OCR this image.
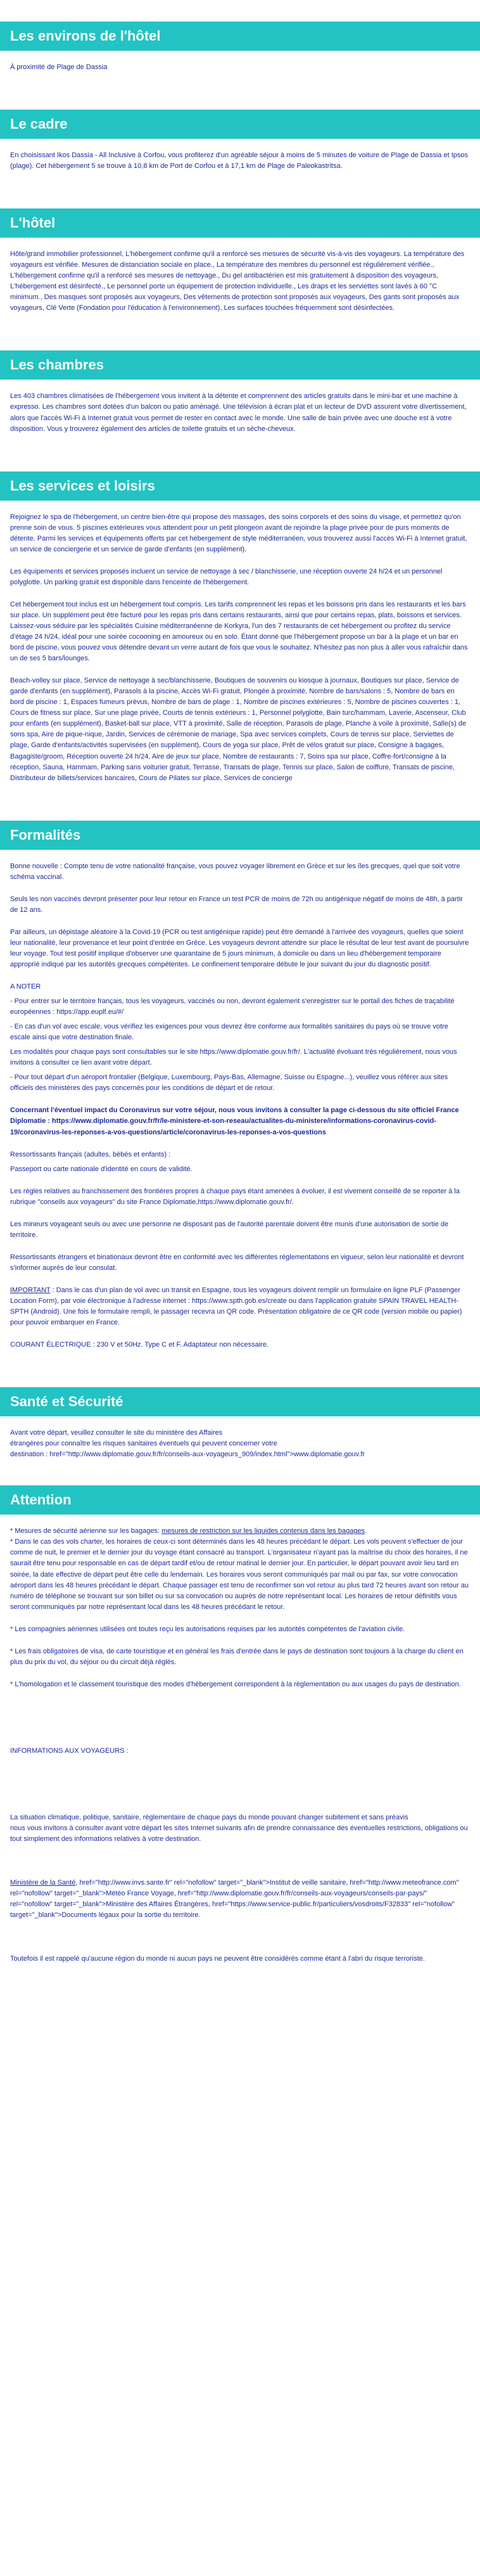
Les environs de l'hôtel

À proximité de Plage de Dassia

Le cadre

En choisissant Ikos Dassia - All Inclusive à Corfou, vous profiterez d'un agréable séjour à moins de 5 minutes de voiture de Plage de Dassia et Ipsos (plage). Cet hébergement 5 se trouve à 10,8 km de Port de Corfou et à 17,1 km de Plage de Paleokastritsa.

L'hôtel

Hôte/grand immobilier professionnel, L'hébergement confirme qu'il a renforcé ses mesures de sécurité vis-à-vis des voyageurs. La température des voyageurs est vérifiée. Mesures de distanciation sociale en place., La température des membres du personnel est régulièrement vérifiée., L'hébergement confirme qu'il a renforcé ses mesures de nettoyage., Du gel antibactérien est mis gratuitement à disposition des voyageurs, L'hébergement est désinfecté., Le personnel porte un équipement de protection individuelle., Les draps et les serviettes sont lavés à 60 °C minimum., Des masques sont proposés aux voyageurs, Des vêtements de protection sont proposés aux voyageurs, Des gants sont proposés aux voyageurs, Clé Verte (Fondation pour l'éducation à l'environnement), Les surfaces touchées fréquemment sont désinfectées.

Les chambres

Les 403 chambres climatisées de l'hébergement vous invitent à la détente et comprennent des articles gratuits dans le mini-bar et une machine à expresso. Les chambres sont dotées d'un balcon ou patio aménagé. Une télévision à écran plat et un lecteur de DVD assurent votre divertissement, alors que l'accès Wi-Fi à Internet gratuit vous permet de rester en contact avec le monde. Une salle de bain privée avec une douche est à votre disposition. Vous y trouverez également des articles de toilette gratuits et un sèche-cheveux.

Les services et loisirs

Rejoignez le spa de l'hébergement, un centre bien-être qui propose des massages, des soins corporels et des soins du visage, et permettez qu'on prenne soin de vous. 5 piscines extérieures vous attendent pour un petit plongeon avant de rejoindre la plage privée pour de purs moments de détente. Parmi les services et équipements offerts par cet hébergement de style méditerranéen, vous trouverez aussi l'accès Wi-Fi à Internet gratuit, un service de conciergerie et un service de garde d'enfants (en supplément).

Les équipements et services proposés incluent un service de nettoyage à sec / blanchisserie, une réception ouverte 24 h/24 et un personnel polyglotte. Un parking gratuit est disponible dans l'enceinte de l'hébergement.

Cet hébergement tout inclus est un hébergement tout compris. Les tarifs comprennent les repas et les boissons pris dans les restaurants et les bars sur place. Un supplément peut être facturé pour les repas pris dans certains restaurants, ainsi que pour certains repas, plats, boissons et services. Laissez-vous séduire par les spécialités Cuisine méditerranéenne de Korkyra, l'un des 7 restaurants de cet hébergement ou profitez du service d'étage 24 h/24, idéal pour une soirée cocooning en amoureux ou en solo. Étant donné que l'hébergement propose un bar à la plage et un bar en bord de piscine, vous pouvez vous détendre devant un verre autant de fois que vous le souhaitez. N'hésitez pas non plus à aller vous rafraîchir dans un de ses 5 bars/lounges.

Beach-volley sur place, Service de nettoyage à sec/blanchisserie, Boutiques de souvenirs ou kiosque à journaux, Boutiques sur place, Service de garde d'enfants (en supplément), Parasols à la piscine, Accès Wi-Fi gratuit, Plongée à proximité, Nombre de bars/salons : 5, Nombre de bars en bord de piscine : 1, Espaces fumeurs prévus, Nombre de bars de plage : 1, Nombre de piscines extérieures : 5, Nombre de piscines couvertes : 1, Cours de fitness sur place, Sur une plage privée, Courts de tennis extérieurs : 1, Personnel polyglotte, Bain turc/hammam, Laverie, Ascenseur, Club pour enfants (en supplément), Basket-ball sur place, VTT à proximité, Salle de réception, Parasols de plage, Planche à voile à proximité, Salle(s) de sons spa, Aire de pique-nique, Jardin, Services de cérémonie de mariage, Spa avec services complets, Cours de tennis sur place, Serviettes de plage, Garde d'enfants/activités supervisées (en supplément), Cours de yoga sur place, Prêt de vélos gratuit sur place, Consigne à bagages, Bagagiste/groom, Réception ouverte 24 h/24, Aire de jeux sur place, Nombre de restaurants : 7, Soins spa sur place, Coffre-fort/consigne à la réception, Sauna, Hammam, Parking sans voiturier gratuit, Terrasse, Transats de plage, Tennis sur place, Salon de coiffure, Transats de piscine, Distributeur de billets/services bancaires, Cours de Pilates sur place, Services de concierge

Formalités

Bonne nouvelle : Compte tenu de votre nationalité française, vous pouvez voyager librement en Grèce et sur les îles grecques, quel que soit votre schéma vaccinal.

Seuls les non vaccinés devront présenter pour leur retour en France un test PCR de moins de 72h ou antigénique négatif de moins de 48h, à partir de 12 ans.

Par ailleurs, un dépistage aléatoire à la Covid-19 (PCR ou test antigénique rapide) peut être demandé à l'arrivée des voyageurs, quelles que soient leur nationalité, leur provenance et leur point d'entrée en Grèce. Les voyageurs devront attendre sur place le résultat de leur test avant de poursuivre leur voyage. Tout test positif implique d'observer une quarantaine de 5 jours minimum, à domicile ou dans un lieu d'hébergement temporaire approprié indiqué par les autorités grecques compétentes. Le confinement temporaire débute le jour suivant du jour du diagnostic positif.

A NOTER
- Pour entrer sur le territoire français, tous les voyageurs, vaccinés ou non, devront également s'enregistrer sur le portail des fiches de traçabilité européennes : https://app.euplf.eu/#/
- En cas d'un vol avec escale, vous vérifiez les exigences pour vous devrez être conforme aux formalités sanitaires du pays où se trouve votre escale ainsi que votre destination finale.
Les modalités pour chaque pays sont consultables sur le site https://www.diplomatie.gouv.fr/fr/. L'actualité évoluant très régulièrement, nous vous invitons à consulter ce lien avant votre départ.

- Pour tout départ d'un aéroport frontalier (Belgique, Luxembourg, Pays-Bas, Allemagne, Suisse ou Espagne...), veuillez vous référer aux sites officiels des ministères des pays concernés pour les conditions de départ et de retour.

Concernant l'éventuel impact du Coronavirus sur votre séjour, nous vous invitons à consulter la page ci-dessous du site officiel France Diplomatie : https://www.diplomatie.gouv.fr/fr/le-ministere-et-son-reseau/actualites-du-ministere/informations-coronavirus-covid-19/coronavirus-les-reponses-a-vos-questions/article/coronavirus-les-reponses-a-vos-questions

Ressortissants français (adultes, bébés et enfants) :

Passeport ou carte nationale d'identité en cours de validité.

Les règles relatives au franchissement des frontières propres à chaque pays étant amenées à évoluer, il est vivement conseillé de se reporter à la rubrique "conseils aux voyageurs" du site France Diplomatie,https://www.diplomatie.gouv.fr/.

Les mineurs voyageant seuls ou avec une personne ne disposant pas de l'autorité parentale doivent être munis d'une autorisation de sortie de territoire.

Ressortissants étrangers et binationaux devront être en conformité avec les différentes réglementations en vigueur, selon leur nationalité et devront s'informer auprès de leur consulat.

IMPORTANT : Dans le cas d'un plan de vol avec un transit en Espagne, tous les voyageurs doivent remplir un formulaire en ligne PLF (Passenger Location Form), par voie électronique à l'adresse internet : https://www.spth.gob.es/create ou dans l'application gratuite SPAIN TRAVEL HEALTH-SPTH (Android). Une fois le formulaire rempli, le passager recevra un QR code. Présentation obligatoire de ce QR code (version mobile ou papier) pour pouvoir embarquer en France.

COURANT ÉLECTRIQUE : 230 V et 50Hz. Type C et F. Adaptateur non nécessaire.

Santé et Sécurité
Avant votre départ, veuillez consulter le site du ministère des Affaires
étrangères pour connaître les risques sanitaires éventuels qui peuvent concerner votre
destination : href="http://www.diplomatie.gouv.fr/fr/conseils-aux-voyageurs_909/index.html">www.diplomatie.gouv.fr
Attention
* Mesures de sécurité aérienne sur les bagages: mesures de restriction sur les liquides contenus dans les bagages.

* Dans le cas des vols charter, les horaires de ceux-ci sont déterminés dans les 48 heures précédant le départ. Les vols peuvent s'effectuer de jour comme de nuit, le premier et le dernier jour du voyage étant consacré au transport. L'organisateur n'ayant pas la maîtrise du choix des horaires, il ne saurait être tenu pour responsable en cas de départ tardif et/ou de retour matinal le dernier jour. En particulier, le départ pouvant avoir lieu tard en soirée, la date effective de départ peut être celle du lendemain. Les horaires vous seront communiqués par mail ou par fax, sur votre convocation aéroport dans les 48 heures précédant le départ. Chaque passager est tenu de reconfirmer son vol retour au plus tard 72 heures avant son retour au numéro de téléphone se trouvant sur son billet ou sur sa convocation ou auprès de notre représentant local. Les horaires de retour définitifs vous seront communiqués par notre représentant local dans les 48 heures précédant le retour.

* Les compagnies aériennes utilisées ont toutes reçu les autorisations requises par les autorités compétentes de l'aviation civile.

* Les frais obligatoires de visa, de carte touristique et en général les frais d'entrée dans le pays de destination sont toujours à la charge du client en plus du prix du vol, du séjour ou du circuit déjà réglés.

* L'homologation et le classement touristique des modes d'hébergement correspondent à la réglementation ou aux usages du pays de destination.

INFORMATIONS AUX VOYAGEURS :

La situation climatique, politique, sanitaire, réglementaire de chaque pays du monde pouvant changer subitement et sans préavis

nous vous invitons à consulter avant votre départ les sites Internet suivants afin de prendre connaissance des éventuelles restrictions, obligations ou tout simplement des informations relatives à votre destination.

Ministère de la Santé, href="http://www.invs.sante.fr" rel="nofollow" target="_blank">Institut de veille sanitaire, href="http://www.meteofrance.com" rel="nofollow" target="_blank">Météo France Voyage, href="http://www.diplomatie.gouv.fr/fr/conseils-aux-voyageurs/conseils-par-pays/" rel="nofollow" target="_blank">Ministère des Affaires Étrangères, href="https://www.service-public.fr/particuliers/vosdroits/F32833" rel="nofollow" target="_blank">Documents légaux pour la sortie du territoire.

Toutefois il est rappelé qu'aucune région du monde ni aucun pays ne peuvent être considérés comme étant à l'abri du risque terroriste.
